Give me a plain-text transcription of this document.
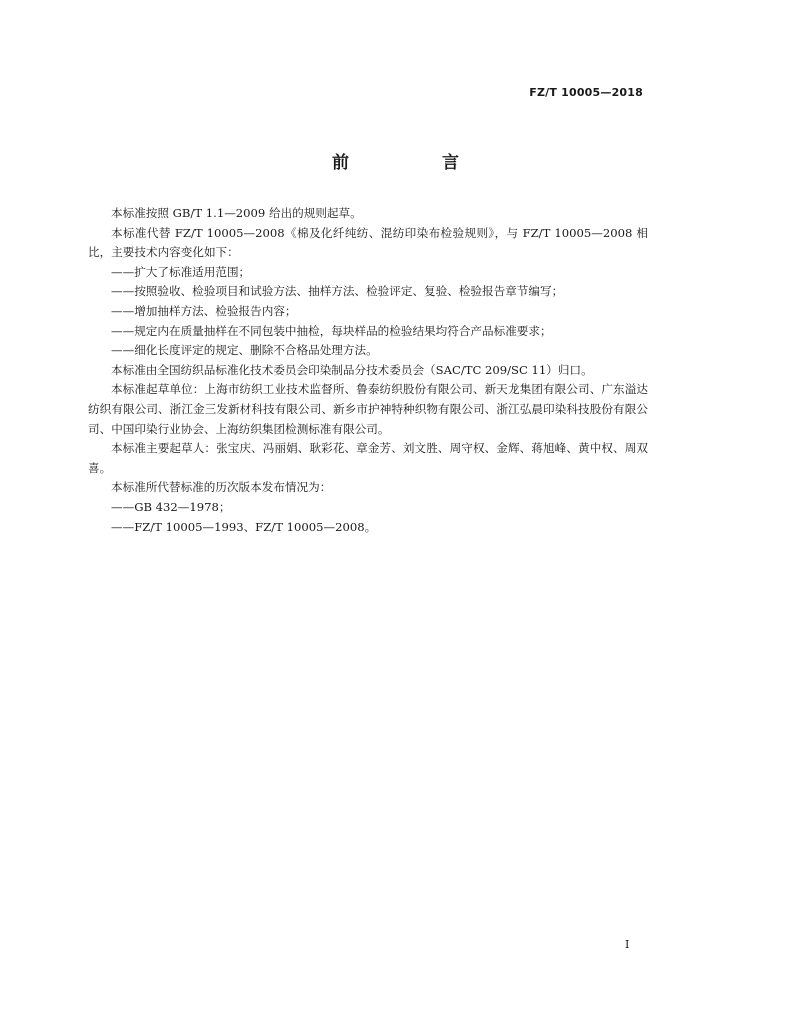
FZ/T 10005—2018
前　言

本标准按照 GB/T 1.1—2009 给出的规则起草。

本标准代替 FZ/T 10005—2008《棉及化纤纯纺、混纺印染布检验规则》，与 FZ/T 10005—2008 相比，主要技术内容变化如下：

——扩大了标准适用范围；

——按照验收、检验项目和试验方法、抽样方法、检验评定、复验、检验报告章节编写；

——增加抽样方法、检验报告内容；

——规定内在质量抽样在不同包装中抽检，每块样品的检验结果均符合产品标准要求；

——细化长度评定的规定、删除不合格品处理方法。

本标准由全国纺织品标准化技术委员会印染制品分技术委员会（SAC/TC 209/SC 11）归口。

本标准起草单位：上海市纺织工业技术监督所、鲁泰纺织股份有限公司、新天龙集团有限公司、广东溢达纺织有限公司、浙江金三发新材科技有限公司、新乡市护神特种织物有限公司、浙江弘晨印染科技股份有限公司、中国印染行业协会、上海纺织集团检测标准有限公司。

本标准主要起草人：张宝庆、冯丽娟、耿彩花、章金芳、刘文胜、周守权、金辉、蒋旭峰、黄中权、周双喜。

本标准所代替标准的历次版本发布情况为：

——GB 432—1978；

——FZ/T 10005—1993、FZ/T 10005—2008。

I
